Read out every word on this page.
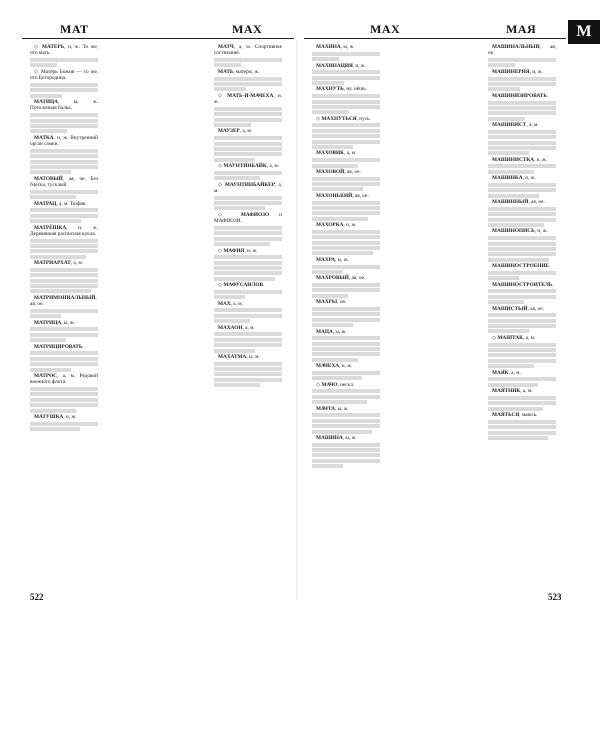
МАТ	МАХ	МАХ	МАЯ	М

◇ МАТЕРЬ, и, ж. То же, что мать.

◇ Матерь Божия — то же, что Богородица.

МАТИЦА, ы, ж. Потолочная балка.

МАТКА, и, ж. Внутренний орган самки.

МАТОВЫЙ, ая, ое. Без блеска, тусклый.

МАТРАЦ, а, м. Тюфяк.

МАТРЁШКА, и, ж. Деревянная расписная кукла.

МАТРИАРХАТ, а, м.

МАТРИМОНИАЛЬНЫЙ, ая, ое.

МАТРИЦА, ы, ж.

МАТРИЦИРОВАТЬ.

МАТРОС, а, м. Рядовой военного флота.

МАТУШКА, и, ж.

МАТЧ, а, м. Спортивное состязание.

МАТЬ, матери, ж.

◇ МАТЬ-И-МАЧЕХА, и, ж.

МАУЗЕР, а, м.

◇ МАУНТИНБАЙК, а, м.

◇ МАУНТИНБАЙКЕР, а, м.

◇ МАФИОЗО и МАФИОЗИ.

◇ МАФИЯ, и, ж.

◇ МАФУСАИЛОВ.

МАХ, а, м.

МАХАОН, а, м.

МАХАТМА, ы, м.

МАХИНА, ы, ж.

МАХИНАЦИЯ, и, ж.

МАХНУТЬ, ну, нёшь.

◇ МАХНУТЬСЯ, нусь.

МАХОВИК, а, м.

МАХОВОЙ, ая, ое.

МАХОНЬКИЙ, ая, ое.

МАХОРКА, и, ж.

МАХРА, ы, ж.

МАХРОВЫЙ, ая, ое.

МАХРЫ, ов.

МАЦА, ы, ж.

МАЧЕХА, и, ж.

◇ МАЧО, нескл.

МАЧТА, ы, ж.

МАШИНА, ы, ж.

МАШИНАЛЬНЫЙ, ая, ое.

МАШИНЕРИЯ, и, ж.

МАШИНИЗИРОВАТЬ.

МАШИНИСТ, а, м.

МАШИНИСТКА, и, ж.

МАШИНКА, и, ж.

МАШИННЫЙ, ая, ое.

МАШИНОПИСЬ, и, ж.

МАШИНОСТРОЕНИЕ.

МАШИНОСТРОИТЕЛЬ.

МАШИСТЫЙ, ая, ое.

◇ МАШТАК, а, м.

МАЯК, а, м.

МАЯТНИК, а, м.

МАЯТЬСЯ, маюсь.

522	523
